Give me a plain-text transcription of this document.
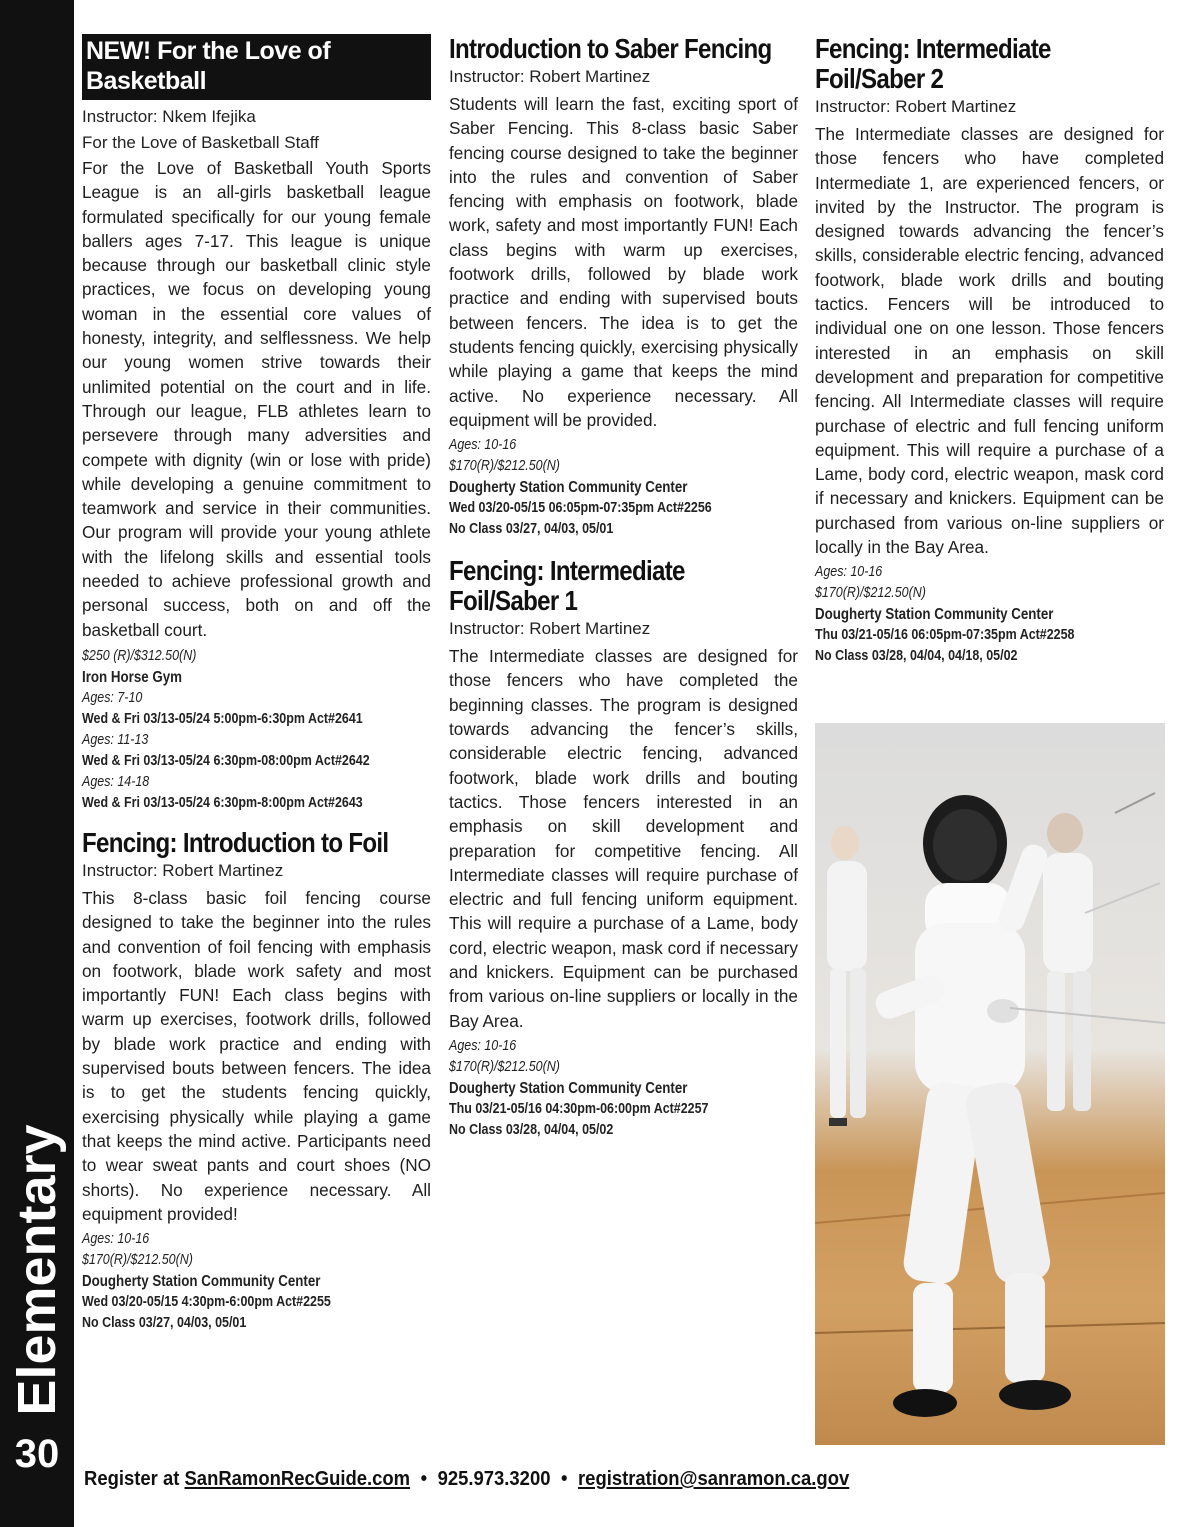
Elementary
30
NEW! For the Love of Basketball
Instructor: Nkem Ifejika
For the Love of Basketball Staff

For the Love of Basketball Youth Sports League is an all-girls basketball league formulated specifically for our young female ballers ages 7-17. This league is unique because through our basketball clinic style practices, we focus on developing young woman in the essential core values of honesty, integrity, and selflessness. We help our young women strive towards their unlimited potential on the court and in life. Through our league, FLB athletes learn to persevere through many adversities and compete with dignity (win or lose with pride) while developing a genuine commitment to teamwork and service in their communities. Our program will provide your young athlete with the lifelong skills and essential tools needed to achieve professional growth and personal success, both on and off the basketball court.

$250 (R)/$312.50(N)
Iron Horse Gym
Ages: 7-10
Wed & Fri 03/13-05/24 5:00pm-6:30pm Act#2641
Ages: 11-13
Wed & Fri 03/13-05/24 6:30pm-08:00pm Act#2642
Ages: 14-18
Wed & Fri 03/13-05/24 6:30pm-8:00pm Act#2643
Fencing: Introduction to Foil
Instructor: Robert Martinez

This 8-class basic foil fencing course designed to take the beginner into the rules and convention of foil fencing with emphasis on footwork, blade work safety and most importantly FUN! Each class begins with warm up exercises, footwork drills, followed by blade work practice and ending with supervised bouts between fencers. The idea is to get the students fencing quickly, exercising physically while playing a game that keeps the mind active. Participants need to wear sweat pants and court shoes (NO shorts). No experience necessary. All equipment provided!

Ages: 10-16
$170(R)/$212.50(N)
Dougherty Station Community Center
Wed 03/20-05/15 4:30pm-6:00pm Act#2255
No Class 03/27, 04/03, 05/01
Introduction to Saber Fencing
Instructor: Robert Martinez

Students will learn the fast, exciting sport of Saber Fencing. This 8-class basic Saber fencing course designed to take the beginner into the rules and convention of Saber fencing with emphasis on footwork, blade work, safety and most importantly FUN! Each class begins with warm up exercises, footwork drills, followed by blade work practice and ending with supervised bouts between fencers. The idea is to get the students fencing quickly, exercising physically while playing a game that keeps the mind active. No experience necessary. All equipment will be provided.

Ages: 10-16
$170(R)/$212.50(N)
Dougherty Station Community Center
Wed 03/20-05/15 06:05pm-07:35pm Act#2256
No Class 03/27, 04/03, 05/01
Fencing: Intermediate Foil/Saber 1
Instructor: Robert Martinez

The Intermediate classes are designed for those fencers who have completed the beginning classes. The program is designed towards advancing the fencer’s skills, considerable electric fencing, advanced footwork, blade work drills and bouting tactics. Those fencers interested in an emphasis on skill development and preparation for competitive fencing. All Intermediate classes will require purchase of electric and full fencing uniform equipment. This will require a purchase of a Lame, body cord, electric weapon, mask cord if necessary and knickers. Equipment can be purchased from various on-line suppliers or locally in the Bay Area.

Ages: 10-16
$170(R)/$212.50(N)
Dougherty Station Community Center
Thu 03/21-05/16 04:30pm-06:00pm Act#2257
No Class 03/28, 04/04, 05/02
Fencing: Intermediate Foil/Saber 2
Instructor: Robert Martinez

The Intermediate classes are designed for those fencers who have completed Intermediate 1, are experienced fencers, or invited by the Instructor. The program is designed towards advancing the fencer’s skills, considerable electric fencing, advanced footwork, blade work drills and bouting tactics. Fencers will be introduced to individual one on one lesson. Those fencers interested in an emphasis on skill development and preparation for competitive fencing. All Intermediate classes will require purchase of electric and full fencing uniform equipment. This will require a purchase of a Lame, body cord, electric weapon, mask cord if necessary and knickers. Equipment can be purchased from various on-line suppliers or locally in the Bay Area.

Ages: 10-16
$170(R)/$212.50(N)
Dougherty Station Community Center
Thu 03/21-05/16 06:05pm-07:35pm Act#2258
No Class 03/28, 04/04, 04/18, 05/02
Register at SanRamonRecGuide.com • 925.973.3200 • registration@sanramon.ca.gov
